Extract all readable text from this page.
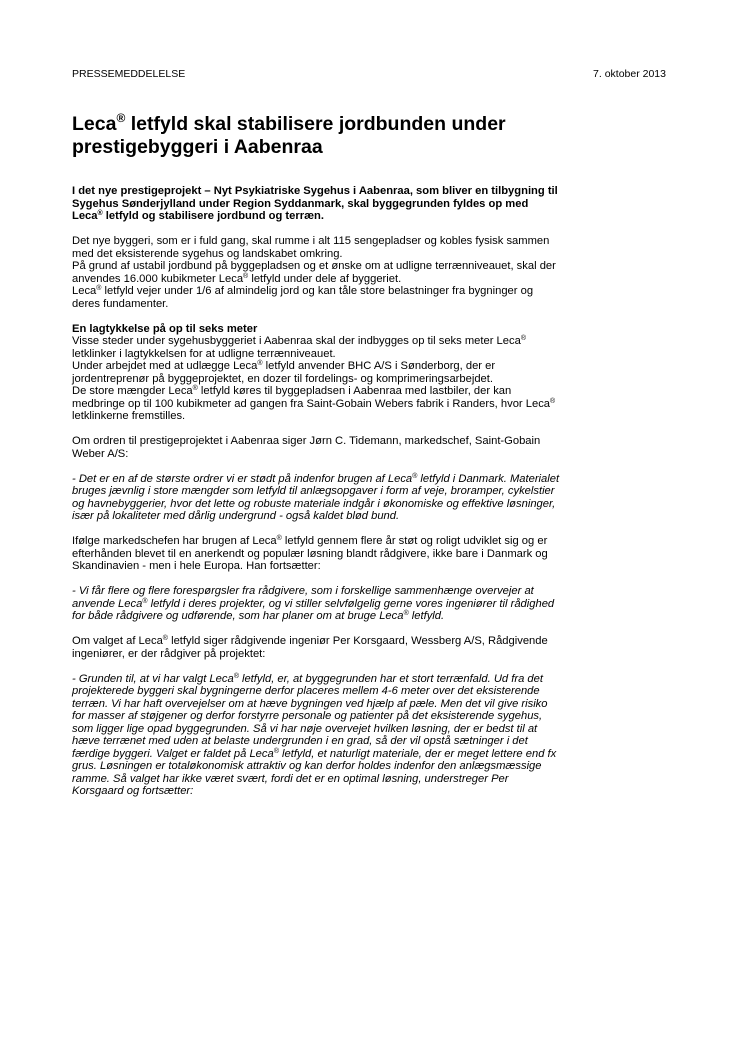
PRESSEMEDDELELSE	7. oktober 2013
Leca® letfyld skal stabilisere jordbunden under
prestigebyggeri i Aabenraa

I det nye prestigeprojekt – Nyt Psykiatriske Sygehus i Aabenraa, som bliver en tilbygning til
Sygehus Sønderjylland under Region Syddanmark, skal byggegrunden fyldes op med
Leca® letfyld og stabilisere jordbund og terræn.

Det nye byggeri, som er i fuld gang, skal rumme i alt 115 sengepladser og kobles fysisk sammen
med det eksisterende sygehus og landskabet omkring.
På grund af ustabil jordbund på byggepladsen og et ønske om at udligne terrænniveauet, skal der
anvendes 16.000 kubikmeter Leca® letfyld under dele af byggeriet.
Leca® letfyld vejer under 1/6 af almindelig jord og kan tåle store belastninger fra bygninger og
deres fundamenter.

En lagtykkelse på op til seks meter
Visse steder under sygehusbyggeriet i Aabenraa skal der indbygges op til seks meter Leca®
letklinker i lagtykkelsen for at udligne terrænniveauet.
Under arbejdet med at udlægge Leca® letfyld anvender BHC A/S i Sønderborg, der er
jordentreprenør på byggeprojektet, en dozer til fordelings- og komprimeringsarbejdet.
De store mængder Leca® letfyld køres til byggepladsen i Aabenraa med lastbiler, der kan
medbringe op til 100 kubikmeter ad gangen fra Saint-Gobain Webers fabrik i Randers, hvor Leca®
letklinkerne fremstilles.

Om ordren til prestigeprojektet i Aabenraa siger Jørn C. Tidemann, markedschef, Saint-Gobain
Weber A/S:

- Det er en af de største ordrer vi er stødt på indenfor brugen af Leca® letfyld i Danmark. Materialet
bruges jævnlig i store mængder som letfyld til anlægsopgaver i form af veje, broramper, cykelstier
og havnebyggerier, hvor det lette og robuste materiale indgår i økonomiske og effektive løsninger,
især på lokaliteter med dårlig undergrund - også kaldet blød bund.

Ifølge markedschefen har brugen af Leca® letfyld gennem flere år støt og roligt udviklet sig og er
efterhånden blevet til en anerkendt og populær løsning blandt rådgivere, ikke bare i Danmark og
Skandinavien - men i hele Europa. Han fortsætter:

- Vi får flere og flere forespørgsler fra rådgivere, som i forskellige sammenhænge overvejer at
anvende Leca® letfyld i deres projekter, og vi stiller selvfølgelig gerne vores ingeniører til rådighed
for både rådgivere og udførende, som har planer om at bruge Leca® letfyld.

Om valget af Leca® letfyld siger rådgivende ingeniør Per Korsgaard, Wessberg A/S, Rådgivende
ingeniører, er der rådgiver på projektet:

- Grunden til, at vi har valgt Leca® letfyld, er, at byggegrunden har et stort terrænfald. Ud fra det
projekterede byggeri skal bygningerne derfor placeres mellem 4-6 meter over det eksisterende
terræn. Vi har haft overvejelser om at hæve bygningen ved hjælp af pæle. Men det vil give risiko
for masser af støjgener og derfor forstyrre personale og patienter på det eksisterende sygehus,
som ligger lige opad byggegrunden. Så vi har nøje overvejet hvilken løsning, der er bedst til at
hæve terrænet med uden at belaste undergrunden i en grad, så der vil opstå sætninger i det
færdige byggeri. Valget er faldet på Leca® letfyld, et naturligt materiale, der er meget lettere end fx
grus. Løsningen er totaløkonomisk attraktiv og kan derfor holdes indenfor den anlægsmæssige
ramme. Så valget har ikke været svært, fordi det er en optimal løsning, understreger Per
Korsgaard og fortsætter:
